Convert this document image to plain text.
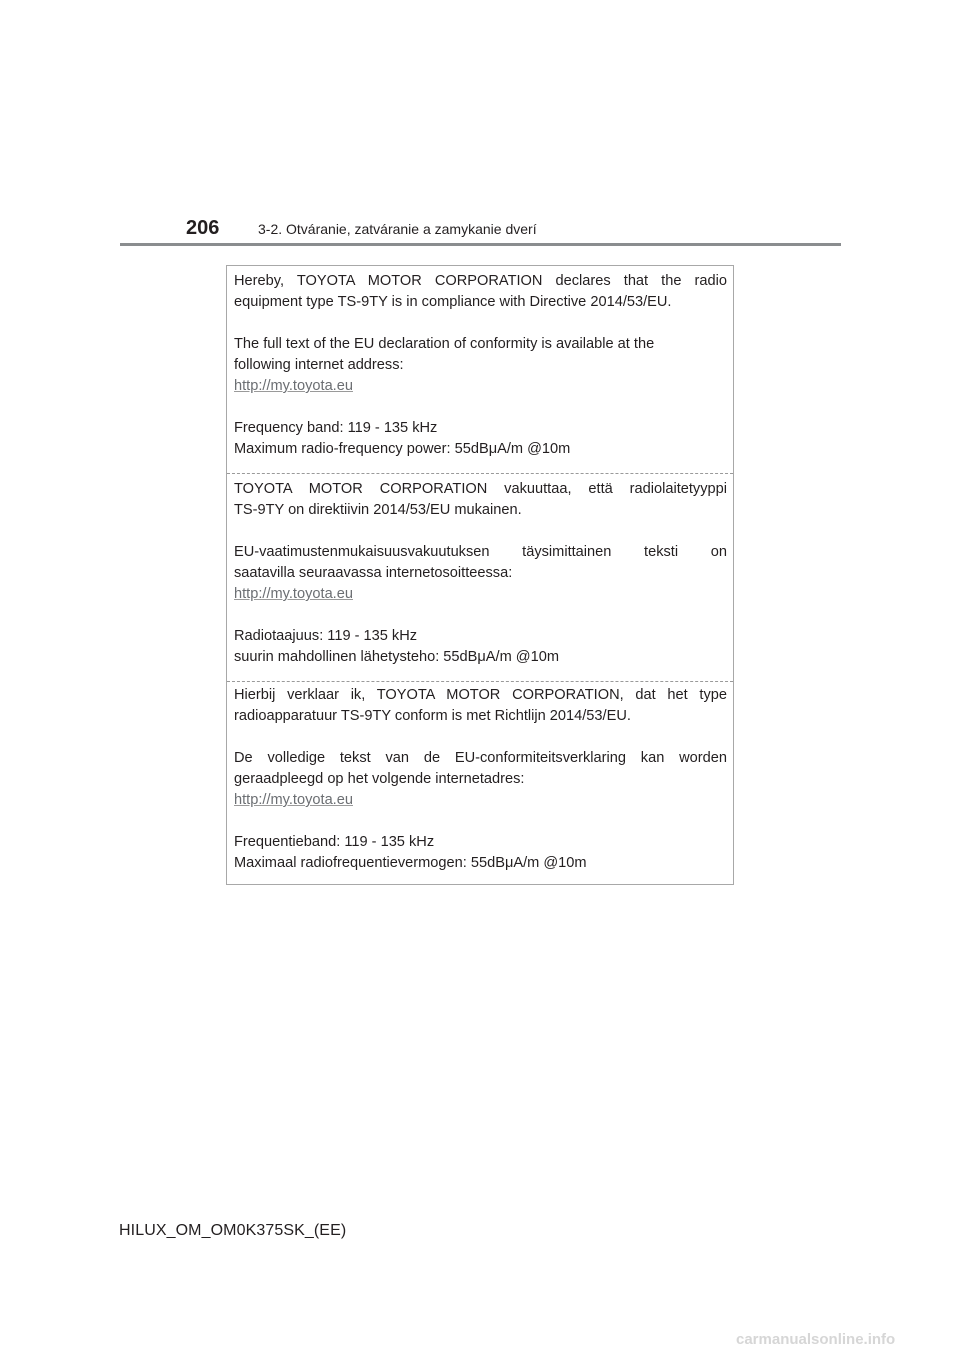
206	3-2. Otváranie, zatváranie a zamykanie dverí

Hereby, TOYOTA MOTOR CORPORATION declares that the radio
equipment type TS-9TY is in compliance with Directive 2014/53/EU.

The full text of the EU declaration of conformity is available at the
following internet address:
http://my.toyota.eu

Frequency band: 119 - 135 kHz
Maximum radio-frequency power: 55dBμA/m @10m

TOYOTA MOTOR CORPORATION vakuuttaa, että radiolaitetyyppi
TS-9TY on direktiivin 2014/53/EU mukainen.

EU-vaatimustenmukaisuusvakuutuksen täysimittainen teksti on
saatavilla seuraavassa internetosoitteessa:
http://my.toyota.eu

Radiotaajuus: 119 - 135 kHz
suurin mahdollinen lähetysteho: 55dBμA/m @10m

Hierbij verklaar ik, TOYOTA MOTOR CORPORATION, dat het type
radioapparatuur TS-9TY conform is met Richtlijn 2014/53/EU.

De volledige tekst van de EU-conformiteitsverklaring kan worden
geraadpleegd op het volgende internetadres:
http://my.toyota.eu

Frequentieband: 119 - 135 kHz
Maximaal radiofrequentievermogen: 55dBμA/m @10m

HILUX_OM_OM0K375SK_(EE)
carmanualsonline.info
